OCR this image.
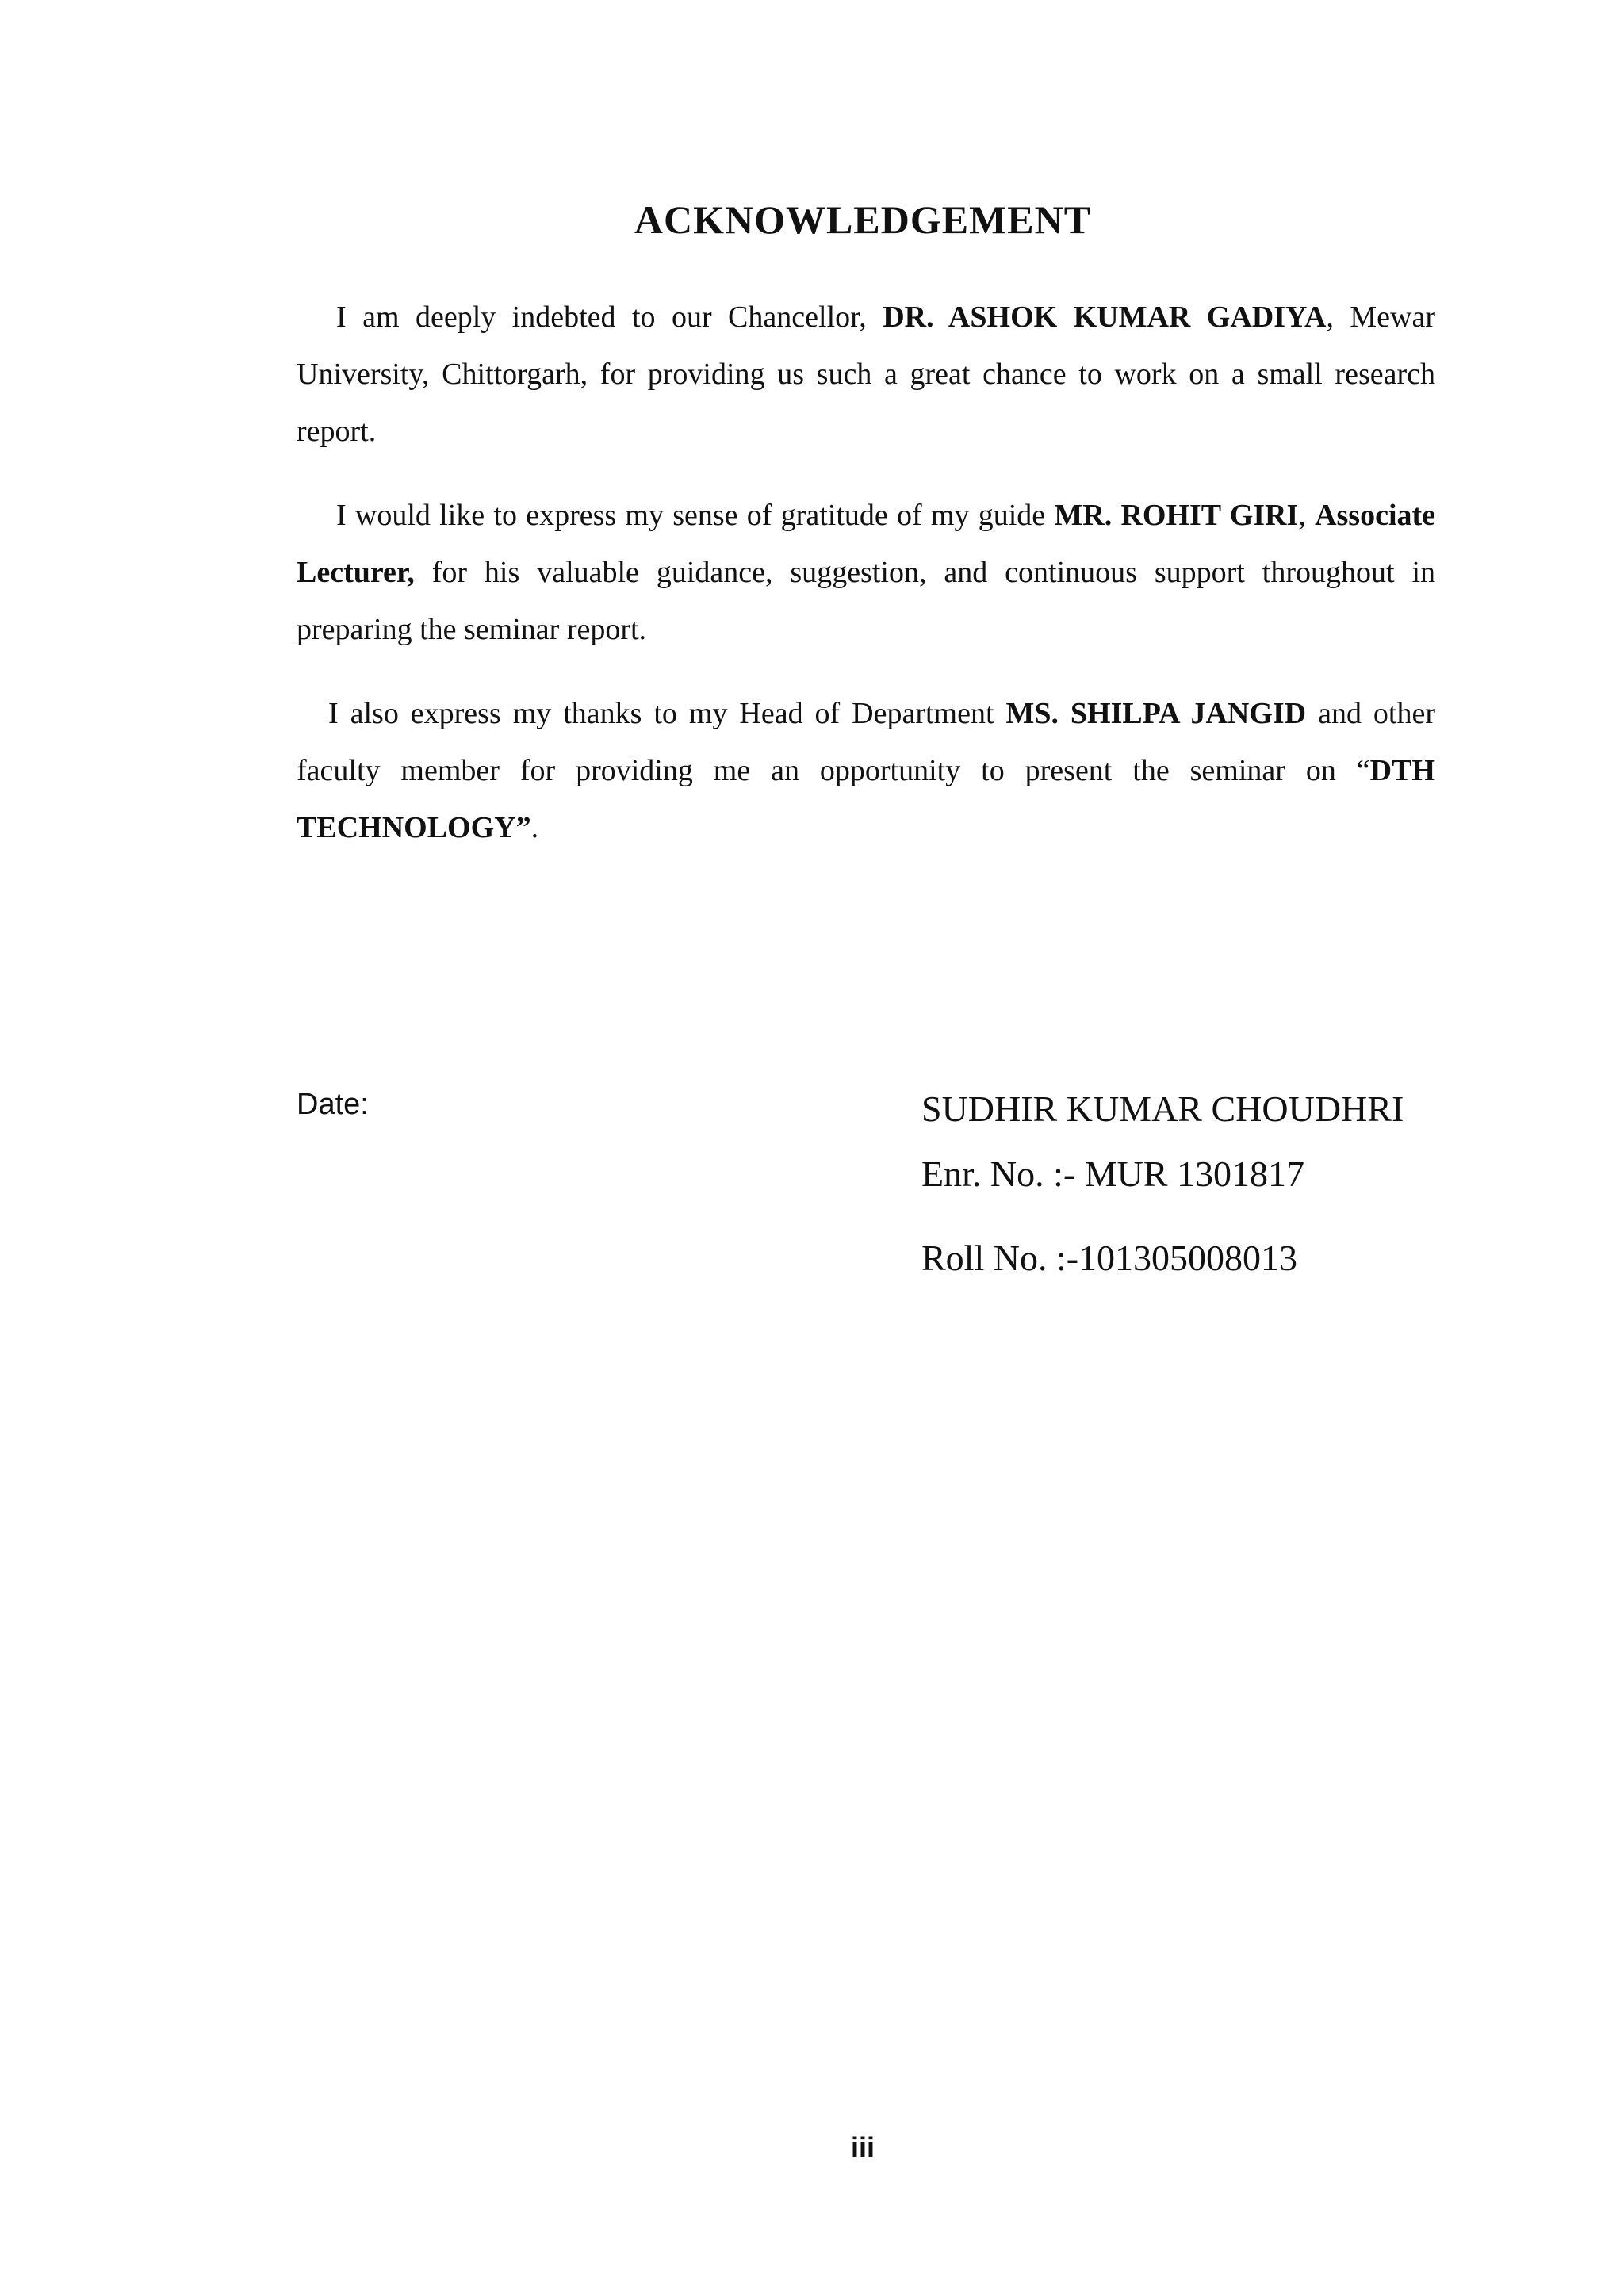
ACKNOWLEDGEMENT

I am deeply indebted to our Chancellor, DR. ASHOK KUMAR GADIYA, Mewar University, Chittorgarh, for providing us such a great chance to work on a small research report.

I would like to express my sense of gratitude of my guide MR. ROHIT GIRI, Associate Lecturer, for his valuable guidance, suggestion, and continuous support throughout in preparing the seminar report.

I also express my thanks to my Head of Department MS. SHILPA JANGID and other faculty member for providing me an opportunity to present the seminar on “DTH TECHNOLOGY”.

Date:	SUDHIR KUMAR CHOUDHRI
Enr. No. :- MUR 1301817
Roll No. :-101305008013
iii
